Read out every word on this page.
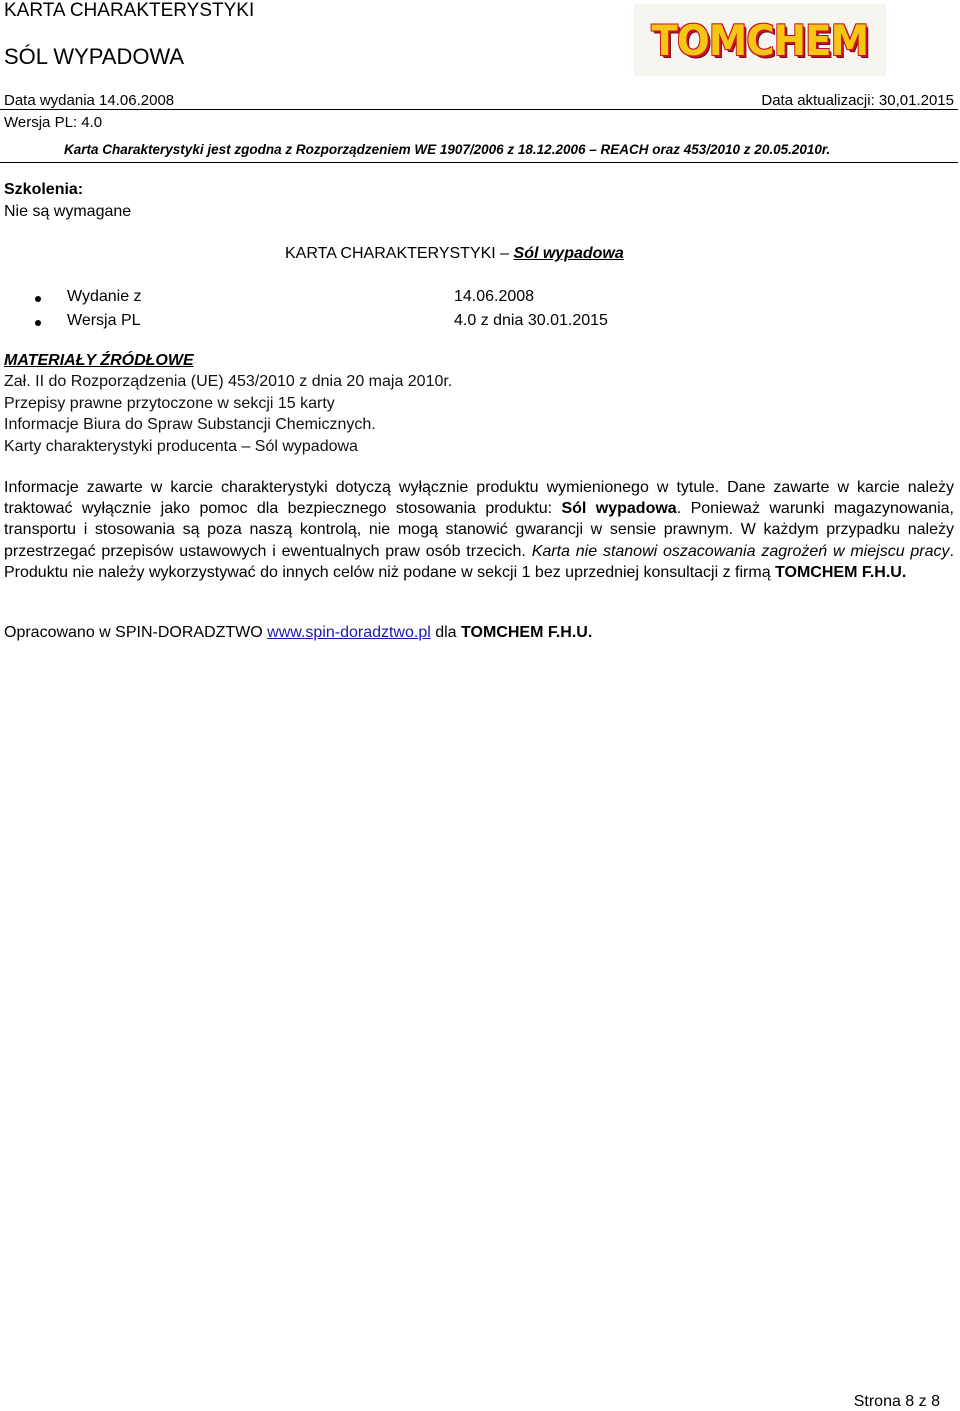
KARTA CHARAKTERYSTYKI
SÓL WYPADOWA	TOMCHEM
Data wydania 14.06.2008	Data aktualizacji: 30,01.2015
Wersja PL: 4.0
Karta Charakterystyki jest zgodna z Rozporządzeniem WE 1907/2006 z 18.12.2006 – REACH oraz 453/2010 z 20.05.2010r.
Szkolenia:
Nie są wymagane
KARTA CHARAKTERYSTYKI – Sól wypadowa
Wydanie z	14.06.2008
Wersja PL	4.0 z dnia 30.01.2015
MATERIAŁY ŹRÓDŁOWE
Zał. II do Rozporządzenia (UE) 453/2010 z dnia 20 maja 2010r.
Przepisy prawne przytoczone w sekcji 15 karty
Informacje Biura do Spraw Substancji Chemicznych.
Karty charakterystyki producenta – Sól wypadowa
Informacje zawarte w karcie charakterystyki dotyczą wyłącznie produktu wymienionego w tytule. Dane zawarte w karcie należy traktować wyłącznie jako pomoc dla bezpiecznego stosowania produktu: Sól wypadowa. Ponieważ warunki magazynowania, transportu i stosowania są poza naszą kontrolą, nie mogą stanowić gwarancji w sensie prawnym. W każdym przypadku należy przestrzegać przepisów ustawowych i ewentualnych praw osób trzecich. Karta nie stanowi oszacowania zagrożeń w miejscu pracy. Produktu nie należy wykorzystywać do innych celów niż podane w sekcji 1 bez uprzedniej konsultacji z firmą TOMCHEM F.H.U.
Opracowano w SPIN-DORADZTWO www.spin-doradztwo.pl dla TOMCHEM F.H.U.
Strona 8 z 8
